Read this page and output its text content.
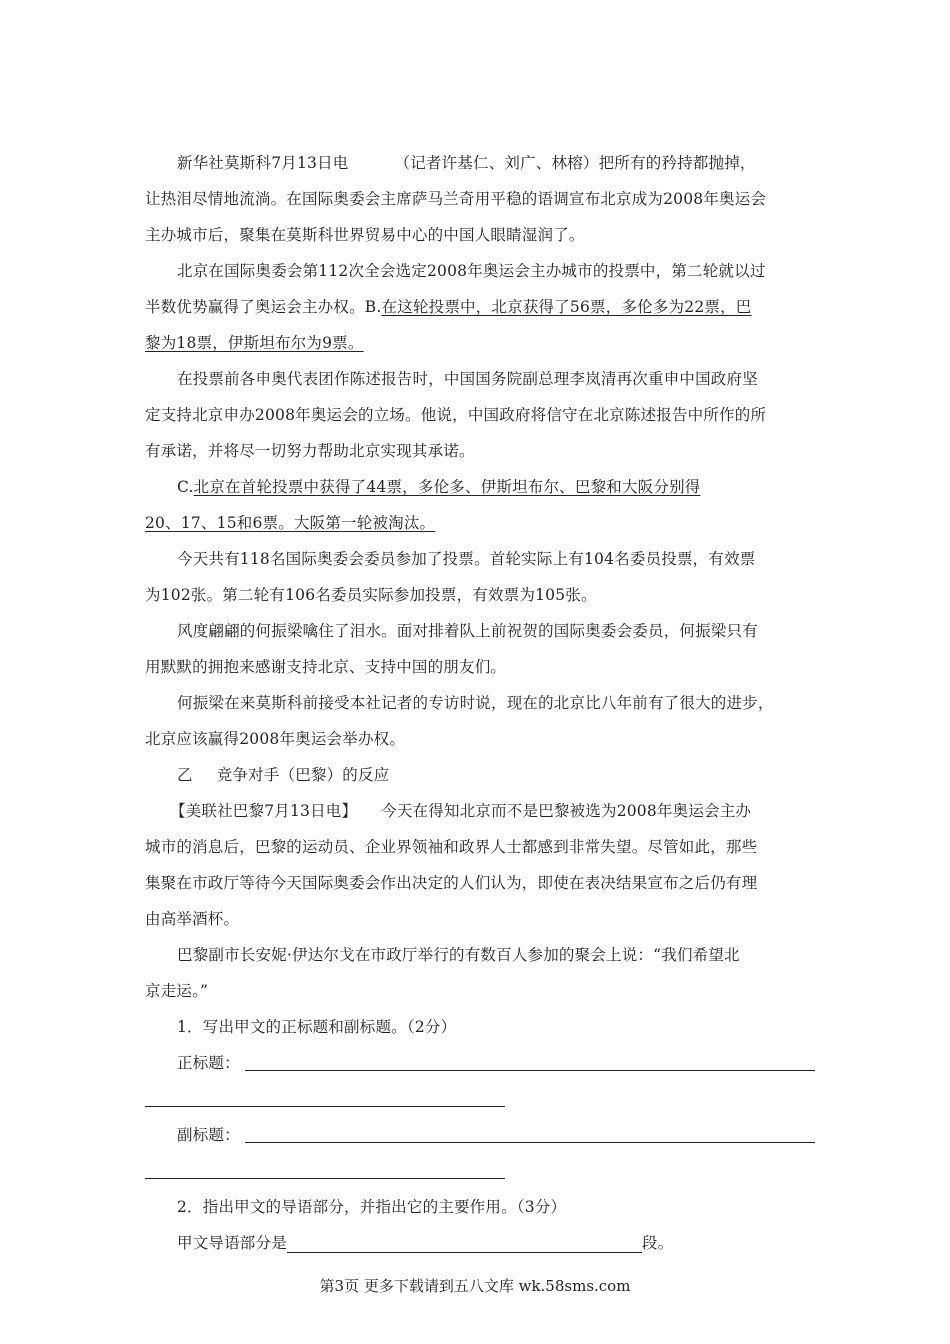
新华社莫斯科7月13日电	（记者许基仁、刘广、林榕）把所有的矜持都抛掉，
让热泪尽情地流淌。在国际奥委会主席萨马兰奇用平稳的语调宣布北京成为2008年奥运会
主办城市后，聚集在莫斯科世界贸易中心的中国人眼睛湿润了。
北京在国际奥委会第112次全会选定2008年奥运会主办城市的投票中，第二轮就以过
半数优势赢得了奥运会主办权。B.在这轮投票中，北京获得了56票，多伦多为22票，巴
黎为18票，伊斯坦布尔为9票。
在投票前各申奥代表团作陈述报告时，中国国务院副总理李岚清再次重申中国政府坚
定支持北京申办2008年奥运会的立场。他说，中国政府将信守在北京陈述报告中所作的所
有承诺，并将尽一切努力帮助北京实现其承诺。
C.北京在首轮投票中获得了44票，多伦多、伊斯坦布尔、巴黎和大阪分别得
20、17、15和6票。大阪第一轮被淘汰。
今天共有118名国际奥委会委员参加了投票。首轮实际上有104名委员投票，有效票
为102张。第二轮有106名委员实际参加投票，有效票为105张。
风度翩翩的何振梁噙住了泪水。面对排着队上前祝贺的国际奥委会委员，何振梁只有
用默默的拥抱来感谢支持北京、支持中国的朋友们。
何振梁在来莫斯科前接受本社记者的专访时说，现在的北京比八年前有了很大的进步，
北京应该赢得2008年奥运会举办权。
乙 竞争对手（巴黎）的反应
【美联社巴黎7月13日电】 今天在得知北京而不是巴黎被选为2008年奥运会主办
城市的消息后，巴黎的运动员、企业界领袖和政界人士都感到非常失望。尽管如此，那些
集聚在市政厅等待今天国际奥委会作出决定的人们认为，即使在表决结果宣布之后仍有理
由高举酒杯。
巴黎副市长安妮·伊达尔戈在市政厅举行的有数百人参加的聚会上说：“我们希望北
京走运。”
1．写出甲文的正标题和副标题。（2分）
正标题：
副标题：
2．指出甲文的导语部分，并指出它的主要作用。（3分）
甲文导语部分是	段。
第3页 更多下载请到五八文库 wk.58sms.com
